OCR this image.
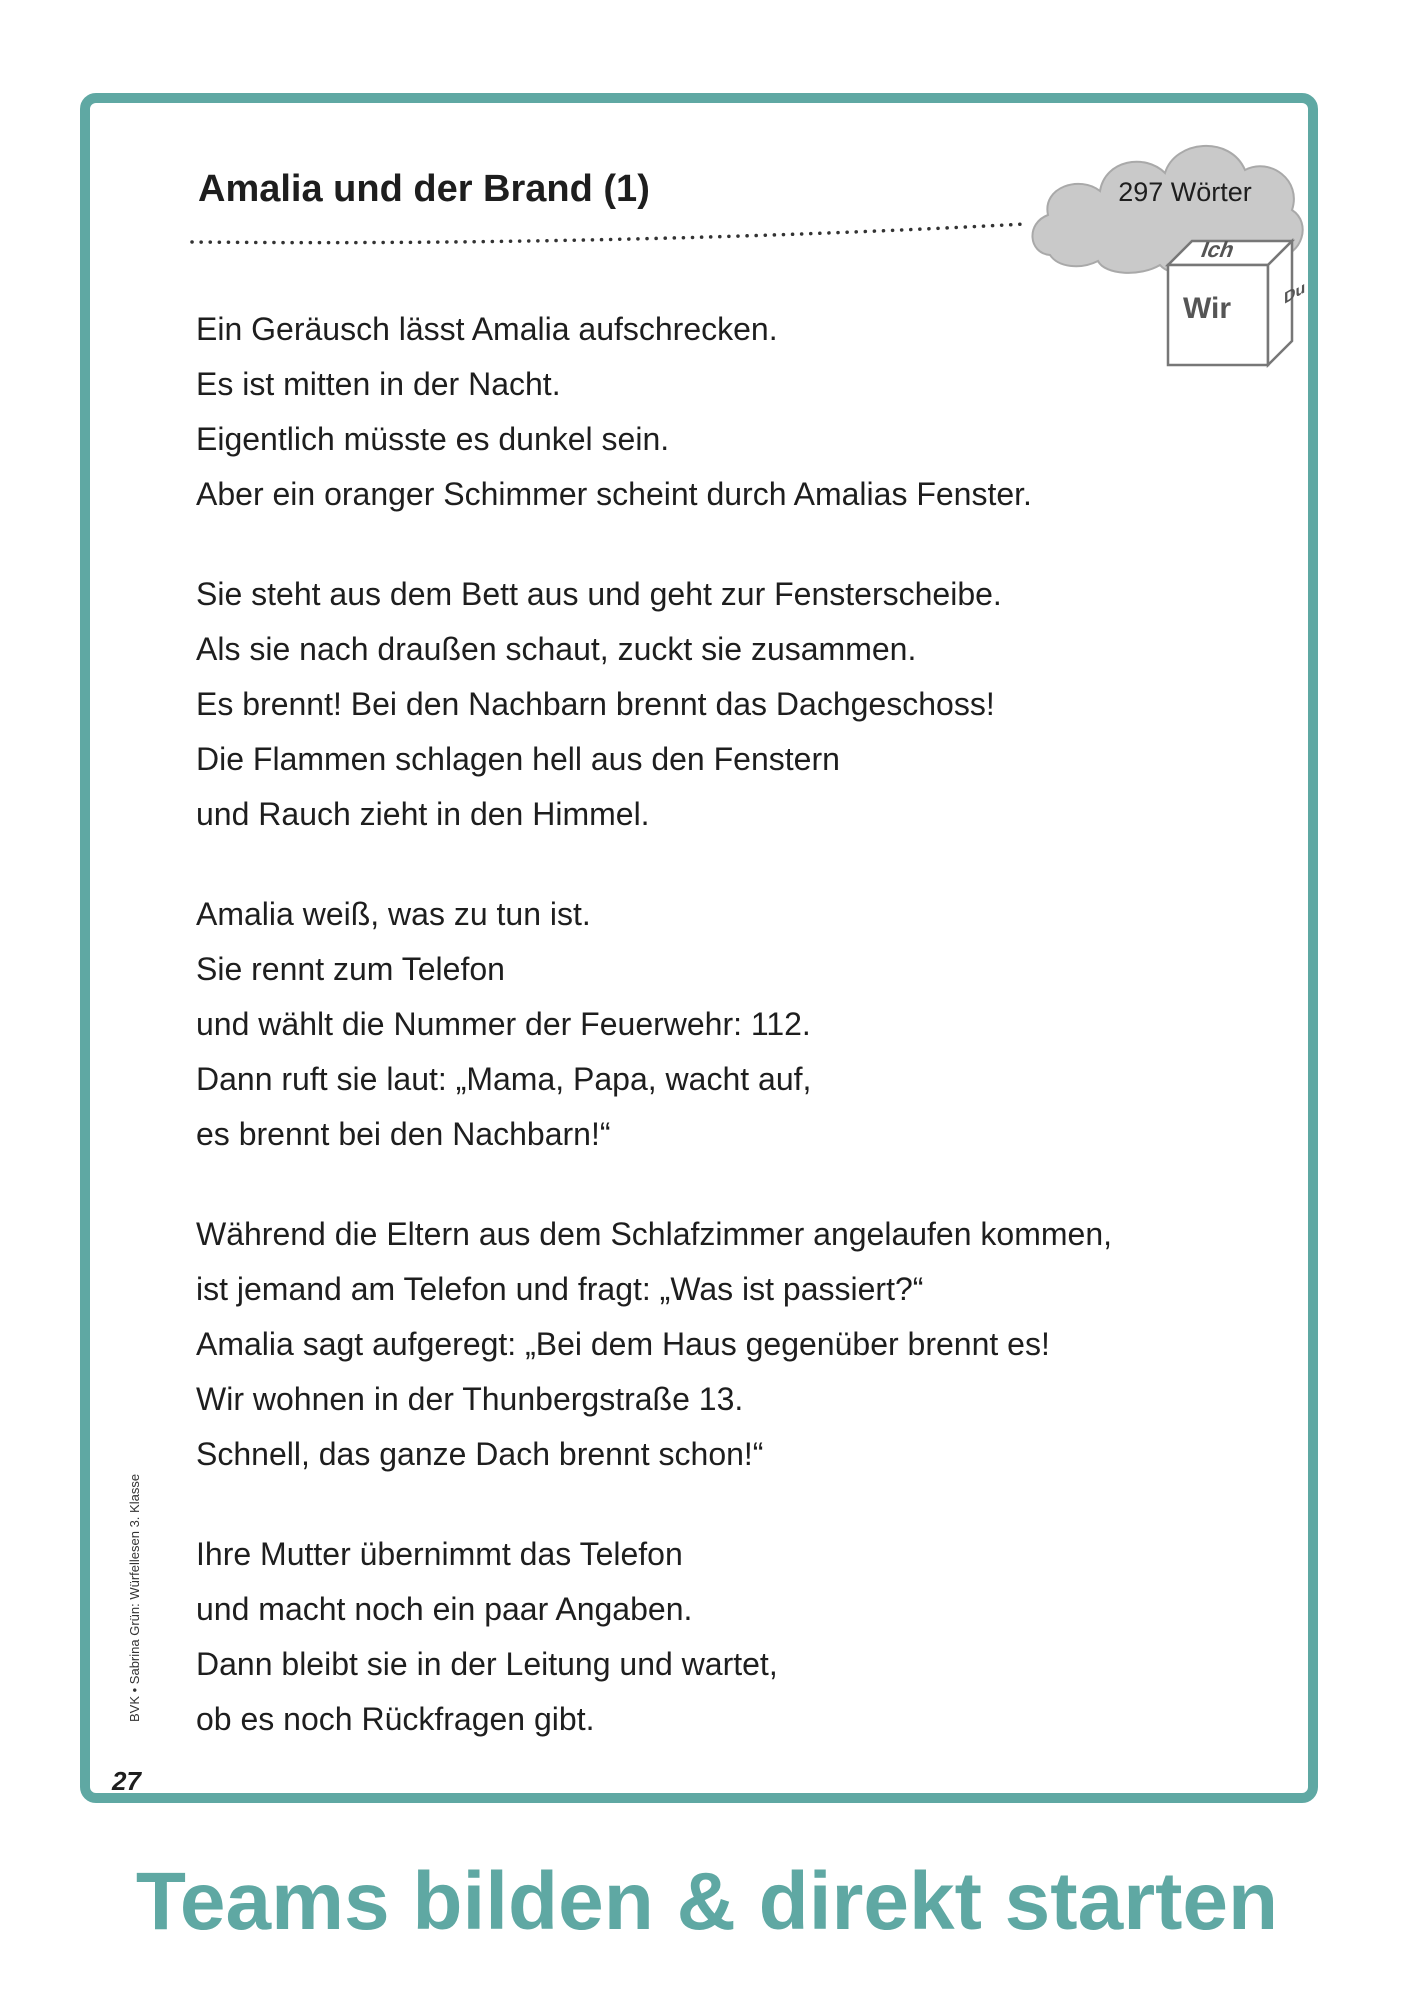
Amalia und der Brand (1)	297 Wörter
Ich
Wir	Du
Ein Geräusch lässt Amalia aufschrecken.
Es ist mitten in der Nacht.
Eigentlich müsste es dunkel sein.
Aber ein oranger Schimmer scheint durch Amalias Fenster.
Sie steht aus dem Bett aus und geht zur Fensterscheibe.
Als sie nach draußen schaut, zuckt sie zusammen.
Es brennt! Bei den Nachbarn brennt das Dachgeschoss!
Die Flammen schlagen hell aus den Fenstern
und Rauch zieht in den Himmel.
Amalia weiß, was zu tun ist.
Sie rennt zum Telefon
und wählt die Nummer der Feuerwehr: 112.
Dann ruft sie laut: „Mama, Papa, wacht auf,
es brennt bei den Nachbarn!“
Während die Eltern aus dem Schlafzimmer angelaufen kommen,
ist jemand am Telefon und fragt: „Was ist passiert?“
Amalia sagt aufgeregt: „Bei dem Haus gegenüber brennt es!
Wir wohnen in der Thunbergstraße 13.
Schnell, das ganze Dach brennt schon!“
Ihre Mutter übernimmt das Telefon
und macht noch ein paar Angaben.
Dann bleibt sie in der Leitung und wartet,
ob es noch Rückfragen gibt.
BVK • Sabrina Grün: Würfellesen 3. Klasse
27
Teams bilden & direkt starten
